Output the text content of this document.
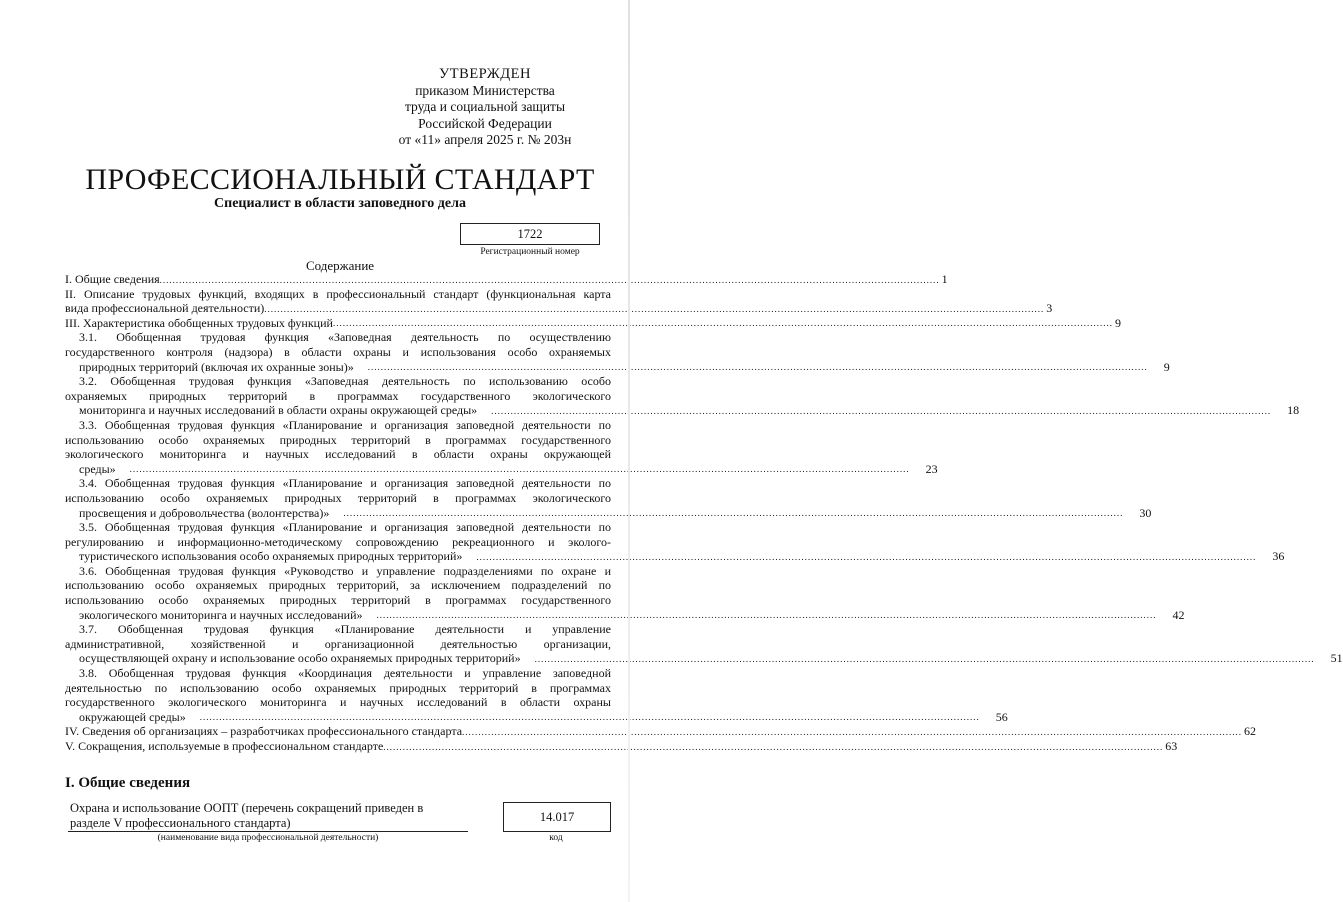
УТВЕРЖДЕН
приказом Министерства
труда и социальной защиты
Российской Федерации
от «11» апреля 2025 г. № 203н
ПРОФЕССИОНАЛЬНЫЙ СТАНДАРТ
Специалист в области заповедного дела
1722
Регистрационный номер
Содержание
I. Общие сведения .....	1
II. Описание трудовых функций, входящих в профессиональный стандарт (функциональная карта
вида профессиональной деятельности) .....	3
III. Характеристика обобщенных трудовых функций .....	9
3.1. Обобщенная трудовая функция «Заповедная деятельность по осуществлению
государственного контроля (надзора) в области охраны и использования особо охраняемых
природных территорий (включая их охранные зоны)» .....	9
3.2. Обобщенная трудовая функция «Заповедная деятельность по использованию особо
охраняемых природных территорий в программах государственного экологического
мониторинга и научных исследований в области охраны окружающей среды» .....	18
3.3. Обобщенная трудовая функция «Планирование и организация заповедной деятельности по
использованию особо охраняемых природных территорий в программах государственного
экологического мониторинга и научных исследований в области охраны окружающей
среды» .....	23
3.4. Обобщенная трудовая функция «Планирование и организация заповедной деятельности по
использованию особо охраняемых природных территорий в программах экологического
просвещения и добровольчества (волонтерства)» .....	30
3.5. Обобщенная трудовая функция «Планирование и организация заповедной деятельности по
регулированию и информационно-методическому сопровождению рекреационного и эколого-
туристического использования особо охраняемых природных территорий» .....	36
3.6. Обобщенная трудовая функция «Руководство и управление подразделениями по охране и
использованию особо охраняемых природных территорий, за исключением подразделений по
использованию особо охраняемых природных территорий в программах государственного
экологического мониторинга и научных исследований» .....	42
3.7. Обобщенная трудовая функция «Планирование деятельности и управление
административной, хозяйственной и организационной деятельностью организации,
осуществляющей охрану и использование особо охраняемых природных территорий» .....	51
3.8. Обобщенная трудовая функция «Координация деятельности и управление заповедной
деятельностью по использованию особо охраняемых природных территорий в программах
государственного экологического мониторинга и научных исследований в области охраны
окружающей среды» .....	56
IV. Сведения об организациях – разработчиках профессионального стандарта .....	62
V. Сокращения, используемые в профессиональном стандарте .....	63
I. Общие сведения
Охрана и использование ООПТ (перечень сокращений приведен в
разделе V профессионального стандарта)
(наименование вида профессиональной деятельности)
14.017
код
